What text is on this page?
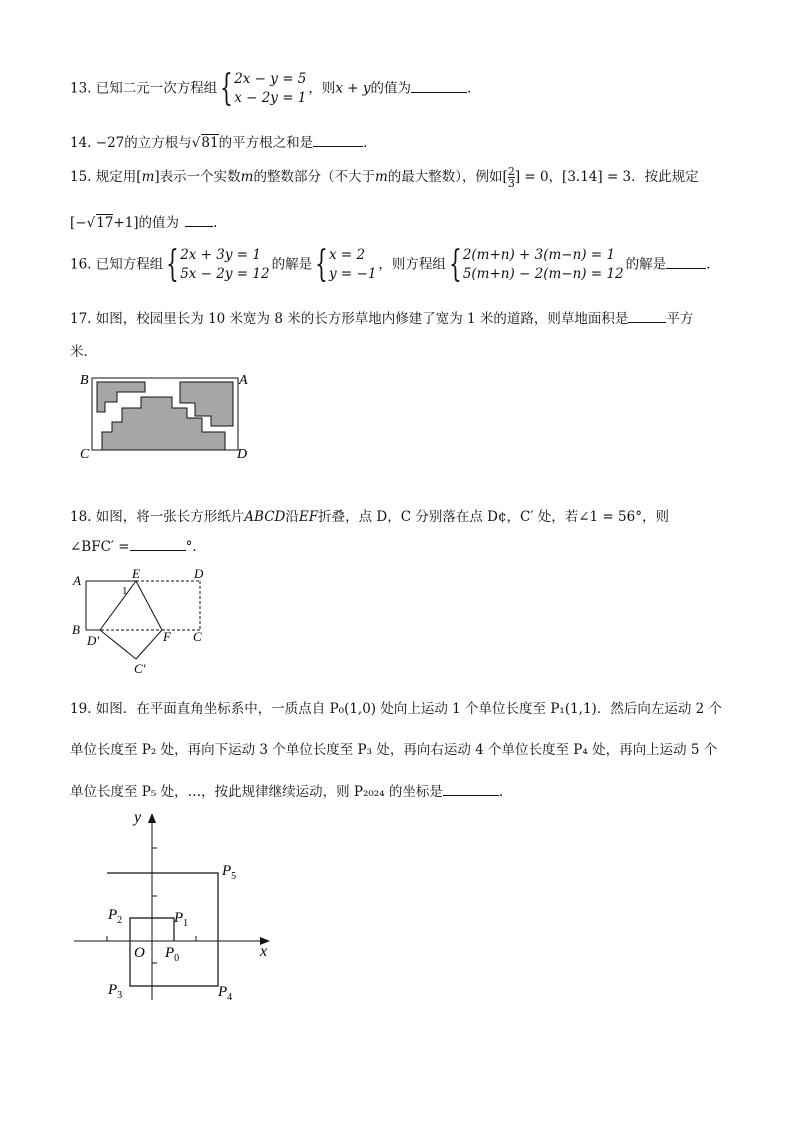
13. 已知二元一次方程组 { 2x − y = 5
x − 2y = 1
，则x + y的值为	.
14. −27的立方根与√81的平方根之和是	.
15. 规定用[m]表示一个实数m的整数部分（不大于m的最大整数），例如[ $\frac{2}{3}$ ] = 0，[3.14] = 3．按此规定
[−√17+1]的值为	.
16. 已知方程组 { 2x + 3y = 1
5x − 2y = 12
的解是 { x = 2
y = −1
，则方程组 { 2(m+n) + 3(m−n) = 1
5(m+n) − 2(m−n) = 12
的解是	.
17. 如图，校园里长为 10 米宽为 8 米的长方形草地内修建了宽为 1 米的道路，则草地面积是	平方
米．
B	A
C	D
18. 如图，将一张长方形纸片ABCD沿EF折叠，点 D，C 分别落在点 D¢，C′ 处，若∠1 = 56°，则
∠BFC′ =	°.
A	E	D
1
B
D′	F C
C′
19. 如图．在平面直角坐标系中，一质点自 P₀(1,0) 处向上运动 1 个单位长度至 P₁(1,1)．然后向左运动 2 个
单位长度至 P₂ 处，再向下运动 3 个单位长度至 P₃ 处，再向右运动 4 个单位长度至 P₄ 处，再向上运动 5 个
单位长度至 P₅ 处，…，按此规律继续运动，则 P₂₀₂₄ 的坐标是	.
y
x
O $P_0$
$P_1$
$P_2$
$P_3$	$P_4$
$P_5$
